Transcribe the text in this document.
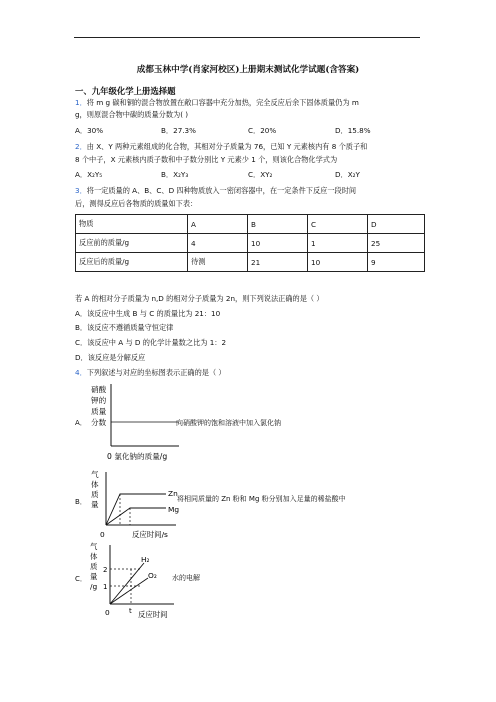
成都玉林中学(肖家河校区)上册期末测试化学试题(含答案)
一、九年级化学上册选择题
1．将 m g 碳和铜的混合物放置在敞口容器中充分加热，完全反应后余下固体质量仍为 m
g，则原混合物中碳的质量分数为( )
A．30%	B．27.3%	C．20%	D．15.8%
2．由 X、Y 两种元素组成的化合物，其相对分子质量为 76，已知 Y 元素核内有 8 个质子和
8 个中子，X 元素核内质子数和中子数分别比 Y 元素少 1 个，则该化合物化学式为
A．X₂Y₅	B．X₂Y₃	C．XY₂	D．X₂Y
3．将一定质量的 A、B、C、D 四种物质放入一密闭容器中，在一定条件下反应一段时间
后，测得反应后各物质的质量如下表：
物质	A	B	C	D
反应前的质量/g	4	10	1	25
反应后的质量/g	待测	21	10	9
若 A 的相对分子质量为 n,D 的相对分子质量为 2n，则下列说法正确的是（ ）
A．该反应中生成 B 与 C 的质量比为 21：10
B．该反应不遵循质量守恒定律
C．该反应中 A 与 D 的化学计量数之比为 1：2
D．该反应是分解反应
4．下列叙述与对应的坐标图表示正确的是（ ）
A．
硝酸
钾的
质量
分数
0 氯化钠的质量/g
向硝酸钾的饱和溶液中加入氯化钠
B．
气
体
质
量
Zn
Mg
0	反应时间/s
将相同质量的 Zn 粉和 Mg 粉分别加入足量的稀盐酸中
C．
气
体
质
量
/g
2
1
H₂
O₂
0	t 反应时间
水的电解
